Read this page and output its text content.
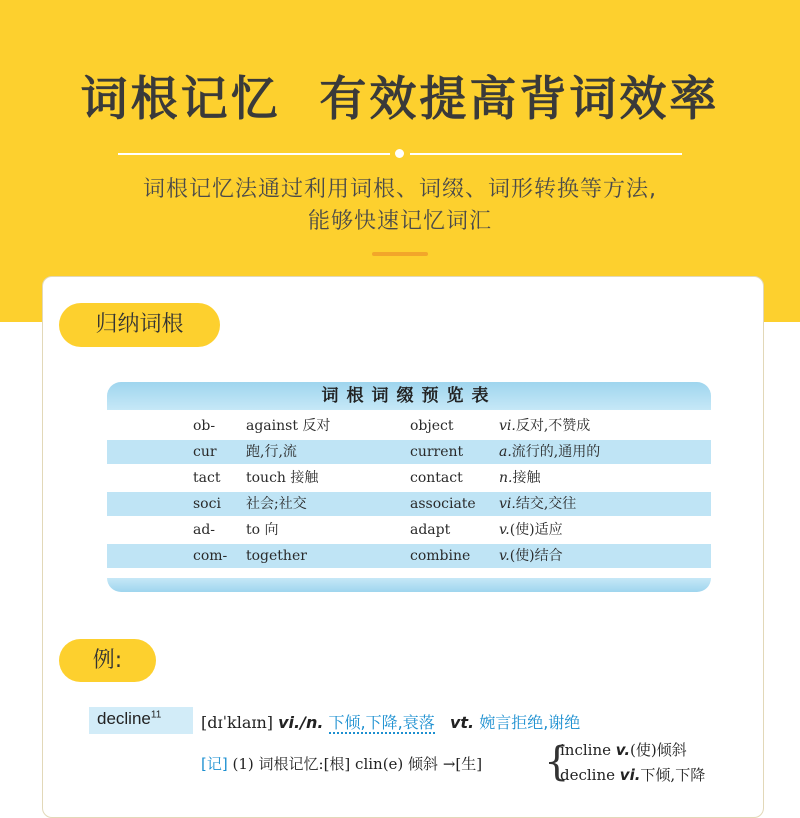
词根记忆  有效提高背词效率
词根记忆法通过利用词根、词缀、词形转换等方法,
能够快速记忆词汇
归纳词根
词根词缀预览表
ob- against 反对	object	vi.反对,不赞成
cur 跑,行,流	current	a.流行的,通用的
tact touch 接触	contact	n.接触
soci 社会;社交	associate vi.结交,交往
ad- to 向	adapt	v.(使)适应
com- together	combine v.(使)结合
例:
decline$^{11}$ [dɪˈklaɪn] vi./n. 下倾,下降,衰落 vt. 婉言拒绝,谢绝
[记] (1) 词根记忆:[根] clin(e) 倾斜 →[生] {
incline v.(使)倾斜
decline vi.下倾,下降
